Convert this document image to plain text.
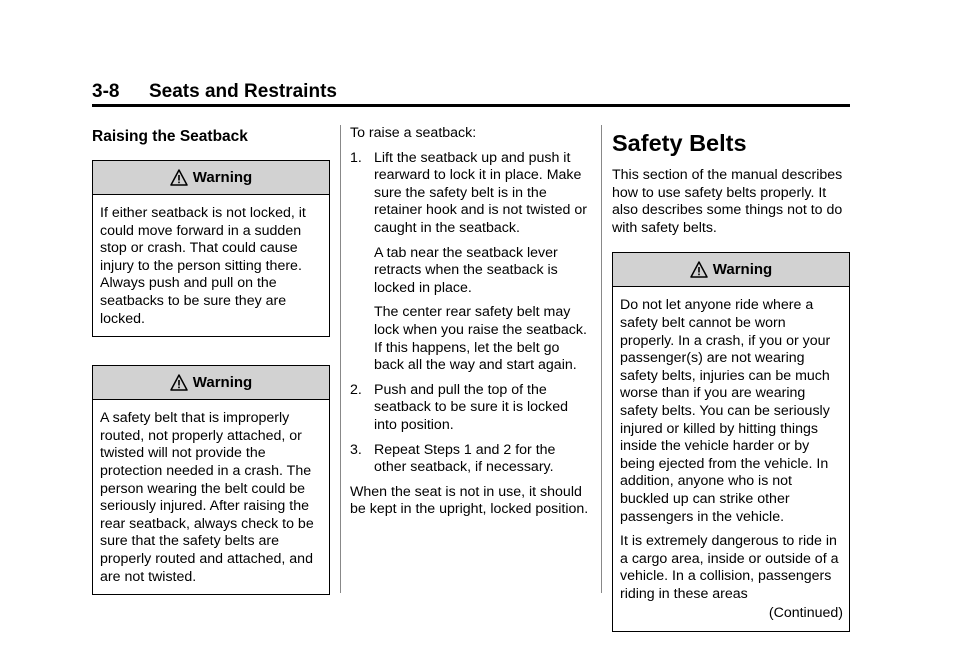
3-8 Seats and Restraints
Raising the Seatback
Warning

If either seatback is not locked, it could move forward in a sudden stop or crash. That could cause injury to the person sitting there. Always push and pull on the seatbacks to be sure they are locked.

Warning

A safety belt that is improperly routed, not properly attached, or twisted will not provide the protection needed in a crash. The person wearing the belt could be seriously injured. After raising the rear seatback, always check to be sure that the safety belts are properly routed and attached, and are not twisted.

To raise a seatback:

1. Lift the seatback up and push it rearward to lock it in place. Make sure the safety belt is in the retainer hook and is not twisted or caught in the seatback.

A tab near the seatback lever retracts when the seatback is locked in place.

The center rear safety belt may lock when you raise the seatback. If this happens, let the belt go back all the way and start again.

2. Push and pull the top of the seatback to be sure it is locked into position.

3. Repeat Steps 1 and 2 for the other seatback, if necessary.

When the seat is not in use, it should be kept in the upright, locked position.

Safety Belts

This section of the manual describes how to use safety belts properly. It also describes some things not to do with safety belts.

Warning

Do not let anyone ride where a safety belt cannot be worn properly. In a crash, if you or your passenger(s) are not wearing safety belts, injuries can be much worse than if you are wearing safety belts. You can be seriously injured or killed by hitting things inside the vehicle harder or by being ejected from the vehicle. In addition, anyone who is not buckled up can strike other passengers in the vehicle.

It is extremely dangerous to ride in a cargo area, inside or outside of a vehicle. In a collision, passengers riding in these areas

(Continued)
